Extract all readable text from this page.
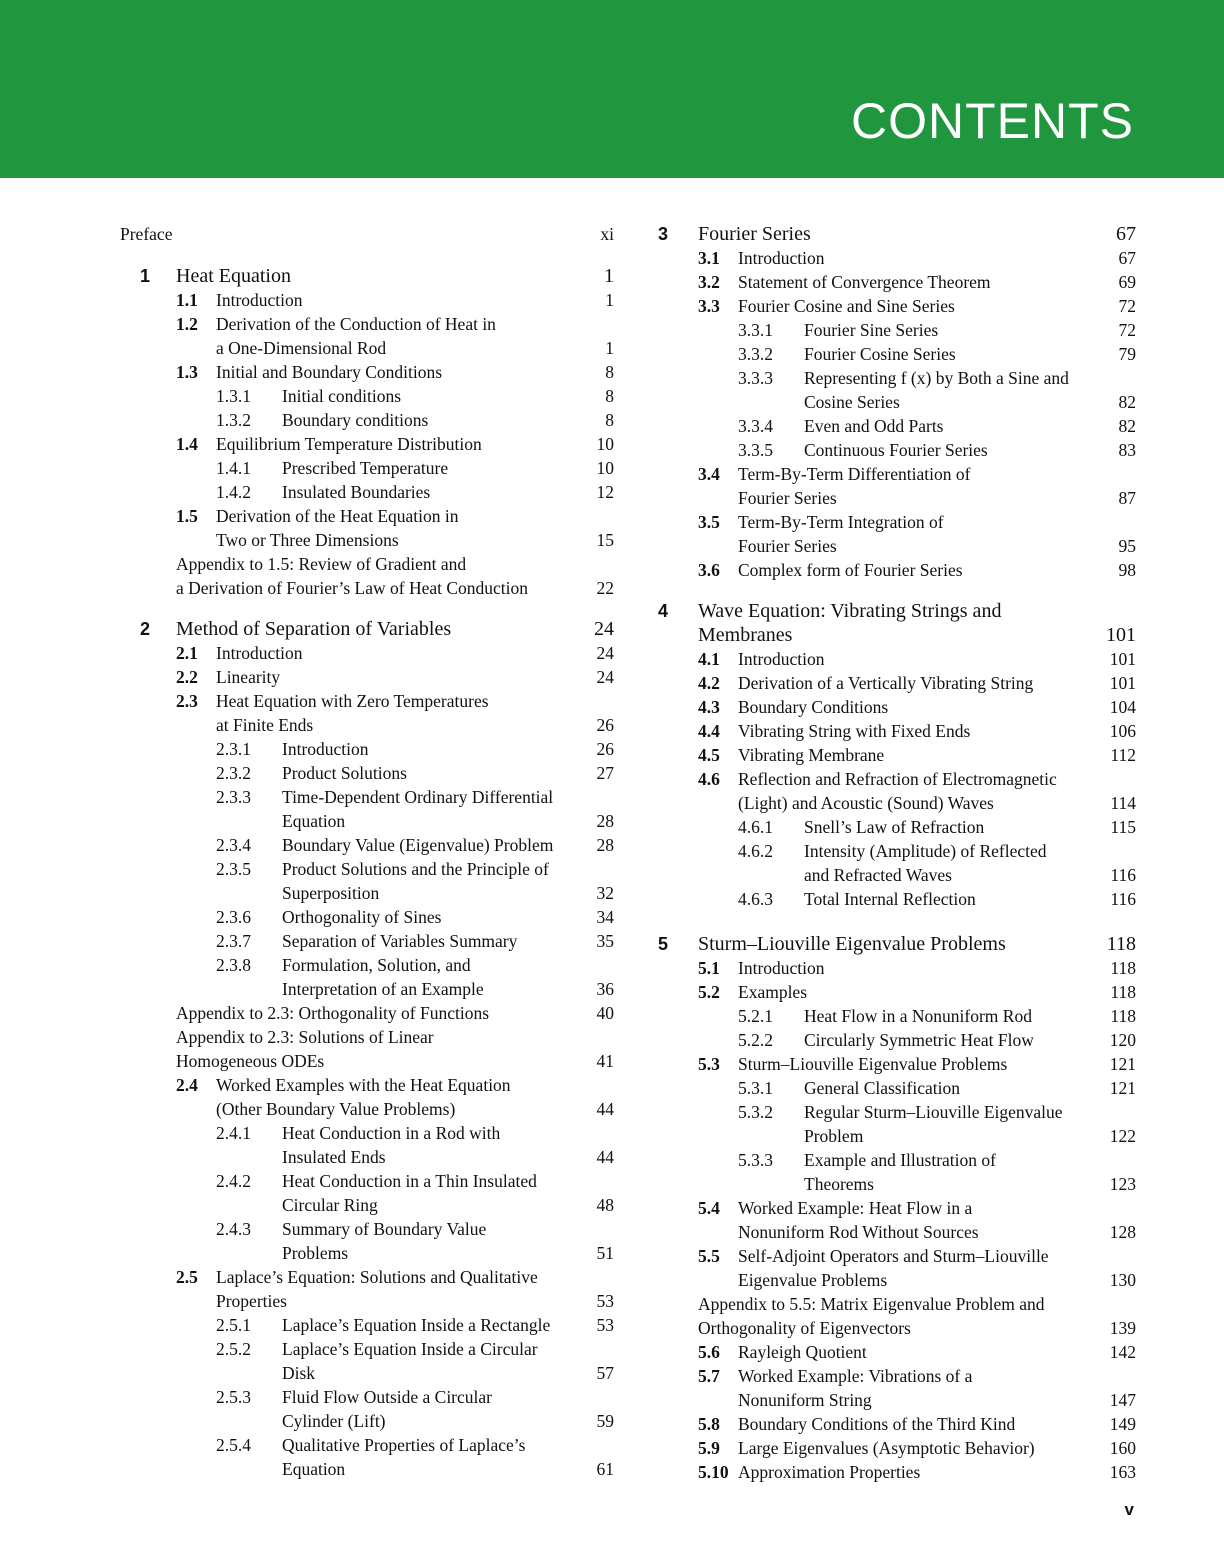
CONTENTS
Preface	xi
1 Heat Equation	1
1.1 Introduction	1
1.2 Derivation of the Conduction of Heat in
a One-Dimensional Rod	1
1.3 Initial and Boundary Conditions	8
1.3.1 Initial conditions	8
1.3.2 Boundary conditions	8
1.4 Equilibrium Temperature Distribution	10
1.4.1 Prescribed Temperature	10
1.4.2 Insulated Boundaries	12
1.5 Derivation of the Heat Equation in
Two or Three Dimensions	15
Appendix to 1.5: Review of Gradient and
a Derivation of Fourier’s Law of Heat Conduction	22
2 Method of Separation of Variables	24
2.1 Introduction	24
2.2 Linearity	24
2.3 Heat Equation with Zero Temperatures
at Finite Ends	26
2.3.1 Introduction	26
2.3.2 Product Solutions	27
2.3.3 Time-Dependent Ordinary Differential
Equation	28
2.3.4 Boundary Value (Eigenvalue) Problem	28
2.3.5 Product Solutions and the Principle of
Superposition	32
2.3.6 Orthogonality of Sines	34
2.3.7 Separation of Variables Summary	35
2.3.8 Formulation, Solution, and
Interpretation of an Example	36
Appendix to 2.3: Orthogonality of Functions	40
Appendix to 2.3: Solutions of Linear
Homogeneous ODEs	41
2.4 Worked Examples with the Heat Equation
(Other Boundary Value Problems)	44
2.4.1 Heat Conduction in a Rod with
Insulated Ends	44
2.4.2 Heat Conduction in a Thin Insulated
Circular Ring	48
2.4.3 Summary of Boundary Value
Problems	51
2.5 Laplace’s Equation: Solutions and Qualitative
Properties	53
2.5.1 Laplace’s Equation Inside a Rectangle	53
2.5.2 Laplace’s Equation Inside a Circular
Disk	57
2.5.3 Fluid Flow Outside a Circular
Cylinder (Lift)	59
2.5.4 Qualitative Properties of Laplace’s
Equation	61
3 Fourier Series	67
3.1 Introduction	67
3.2 Statement of Convergence Theorem	69
3.3 Fourier Cosine and Sine Series	72
3.3.1 Fourier Sine Series	72
3.3.2 Fourier Cosine Series	79
3.3.3 Representing f (x) by Both a Sine and
Cosine Series	82
3.3.4 Even and Odd Parts	82
3.3.5 Continuous Fourier Series	83
3.4 Term-By-Term Differentiation of
Fourier Series	87
3.5 Term-By-Term Integration of
Fourier Series	95
3.6 Complex form of Fourier Series	98
4 Wave Equation: Vibrating Strings and
Membranes	101
4.1 Introduction	101
4.2 Derivation of a Vertically Vibrating String	101
4.3 Boundary Conditions	104
4.4 Vibrating String with Fixed Ends	106
4.5 Vibrating Membrane	112
4.6 Reflection and Refraction of Electromagnetic
(Light) and Acoustic (Sound) Waves	114
4.6.1 Snell’s Law of Refraction	115
4.6.2 Intensity (Amplitude) of Reflected
and Refracted Waves	116
4.6.3 Total Internal Reflection	116
5 Sturm–Liouville Eigenvalue Problems	118
5.1 Introduction	118
5.2 Examples	118
5.2.1 Heat Flow in a Nonuniform Rod	118
5.2.2 Circularly Symmetric Heat Flow	120
5.3 Sturm–Liouville Eigenvalue Problems	121
5.3.1 General Classification	121
5.3.2 Regular Sturm–Liouville Eigenvalue
Problem	122
5.3.3 Example and Illustration of
Theorems	123
5.4 Worked Example: Heat Flow in a
Nonuniform Rod Without Sources	128
5.5 Self-Adjoint Operators and Sturm–Liouville
Eigenvalue Problems	130
Appendix to 5.5: Matrix Eigenvalue Problem and
Orthogonality of Eigenvectors	139
5.6 Rayleigh Quotient	142
5.7 Worked Example: Vibrations of a
Nonuniform String	147
5.8 Boundary Conditions of the Third Kind	149
5.9 Large Eigenvalues (Asymptotic Behavior)	160
5.10 Approximation Properties	163
v
